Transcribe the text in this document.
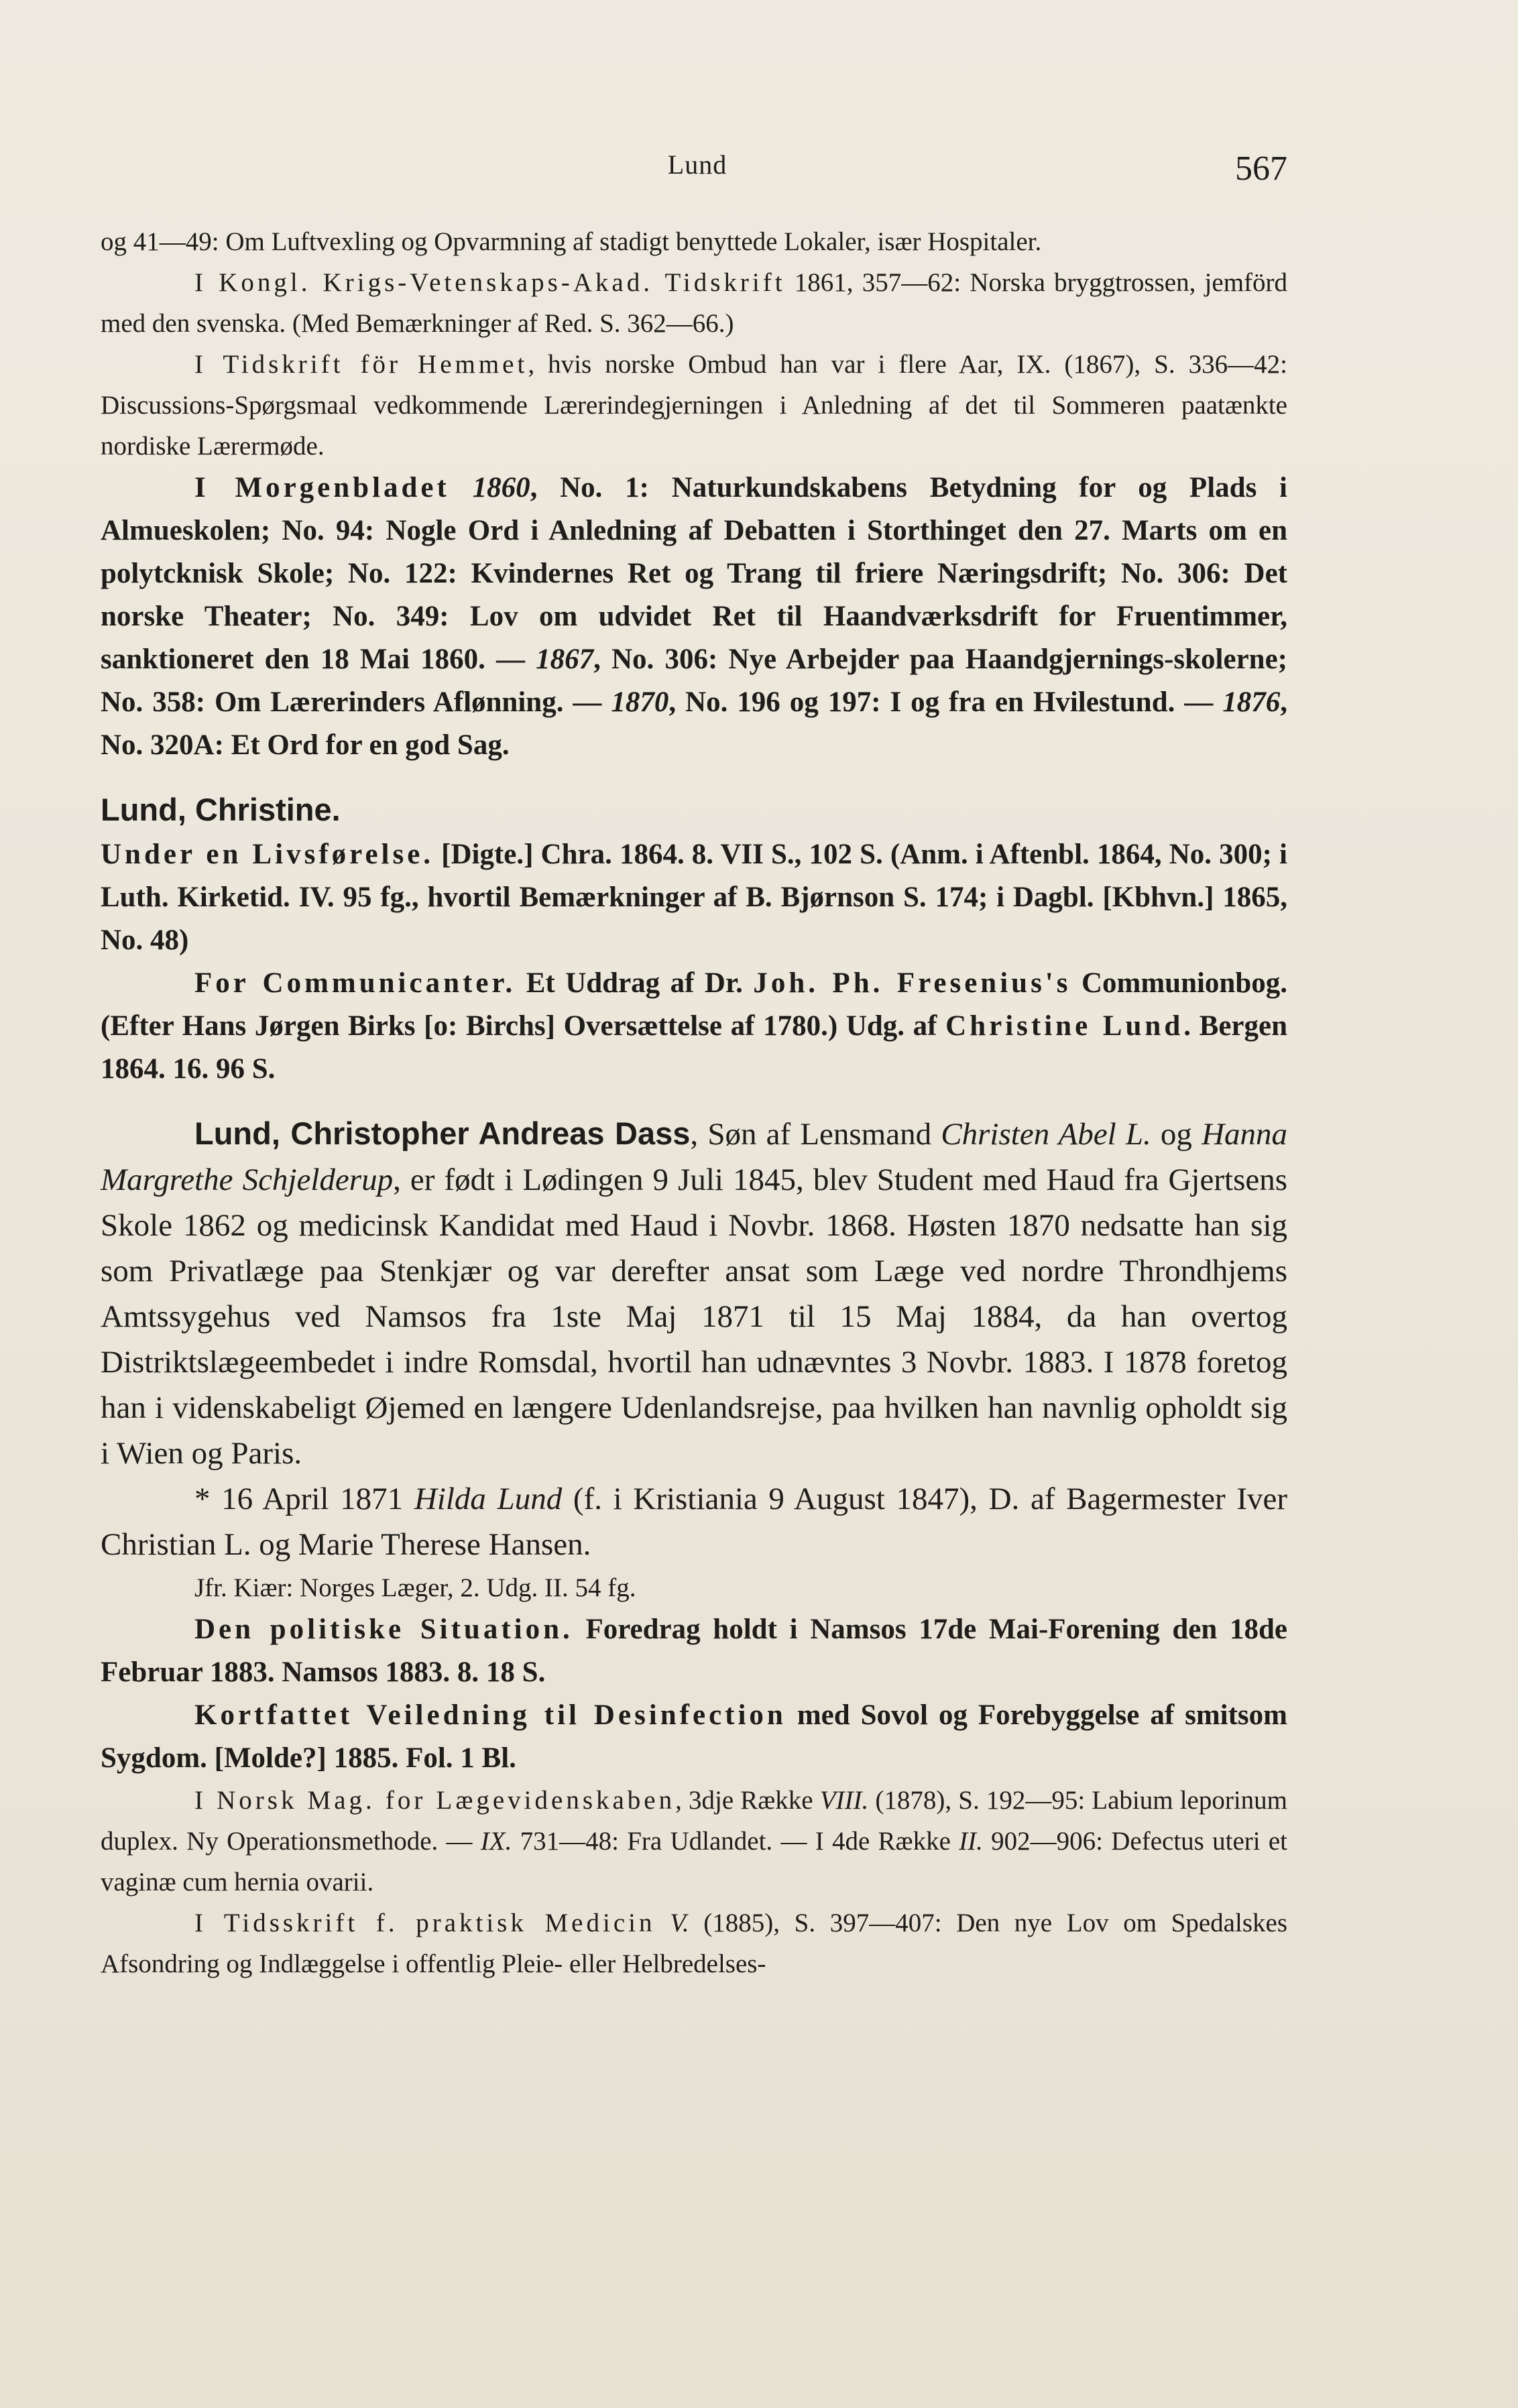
Lund	567

og 41—49: Om Luftvexling og Opvarmning af stadigt benyttede Lokaler, især Hospitaler.

I Kongl. Krigs-Vetenskaps-Akad. Tidskrift 1861, 357—62: Norska bryggtrossen, jemförd med den svenska. (Med Bemærkninger af Red. S. 362—66.)

I Tidskrift för Hemmet, hvis norske Ombud han var i flere Aar, IX. (1867), S. 336—42: Discussions-Spørgsmaal vedkommende Lærerindegjerningen i Anledning af det til Sommeren paatænkte nordiske Lærermøde.

I Morgenbladet 1860, No. 1: Naturkundskabens Betydning for og Plads i Almueskolen; No. 94: Nogle Ord i Anledning af Debatten i Storthinget den 27. Marts om en polytcknisk Skole; No. 122: Kvindernes Ret og Trang til friere Næringsdrift; No. 306: Det norske Theater; No. 349: Lov om udvidet Ret til Haandværksdrift for Fruentimmer, sanktioneret den 18 Mai 1860. — 1867, No. 306: Nye Arbejder paa Haandgjernings-skolerne; No. 358: Om Lærerinders Aflønning. — 1870, No. 196 og 197: I og fra en Hvilestund. — 1876, No. 320A: Et Ord for en god Sag.

Lund, Christine.

Under en Livsførelse. [Digte.] Chra. 1864. 8. VII S., 102 S. (Anm. i Aftenbl. 1864, No. 300; i Luth. Kirketid. IV. 95 fg., hvortil Bemærkninger af B. Bjørnson S. 174; i Dagbl. [Kbhvn.] 1865, No. 48)

For Communicanter. Et Uddrag af Dr. Joh. Ph. Fresenius's Communionbog. (Efter Hans Jørgen Birks [o: Birchs] Oversættelse af 1780.) Udg. af Christine Lund. Bergen 1864. 16. 96 S.

Lund, Christopher Andreas Dass, Søn af Lensmand Christen Abel L. og Hanna Margrethe Schjelderup, er født i Lødingen 9 Juli 1845, blev Student med Haud fra Gjertsens Skole 1862 og medicinsk Kandidat med Haud i Novbr. 1868. Høsten 1870 nedsatte han sig som Privatlæge paa Stenkjær og var derefter ansat som Læge ved nordre Throndhjems Amtssygehus ved Namsos fra 1ste Maj 1871 til 15 Maj 1884, da han overtog Distriktslægeembedet i indre Romsdal, hvortil han udnævntes 3 Novbr. 1883. I 1878 foretog han i videnskabeligt Øjemed en længere Udenlandsrejse, paa hvilken han navnlig opholdt sig i Wien og Paris.

* 16 April 1871 Hilda Lund (f. i Kristiania 9 August 1847), D. af Bagermester Iver Christian L. og Marie Therese Hansen.

Jfr. Kiær: Norges Læger, 2. Udg. II. 54 fg.

Den politiske Situation. Foredrag holdt i Namsos 17de Mai-Forening den 18de Februar 1883. Namsos 1883. 8. 18 S.

Kortfattet Veiledning til Desinfection med Sovol og Forebyggelse af smitsom Sygdom. [Molde?] 1885. Fol. 1 Bl.

I Norsk Mag. for Lægevidenskaben, 3dje Række VIII. (1878), S. 192—95: Labium leporinum duplex. Ny Operationsmethode. — IX. 731—48: Fra Udlandet. — I 4de Række II. 902—906: Defectus uteri et vaginæ cum hernia ovarii.

I Tidsskrift f. praktisk Medicin V. (1885), S. 397—407: Den nye Lov om Spedalskes Afsondring og Indlæggelse i offentlig Pleie- eller Helbredelses-
